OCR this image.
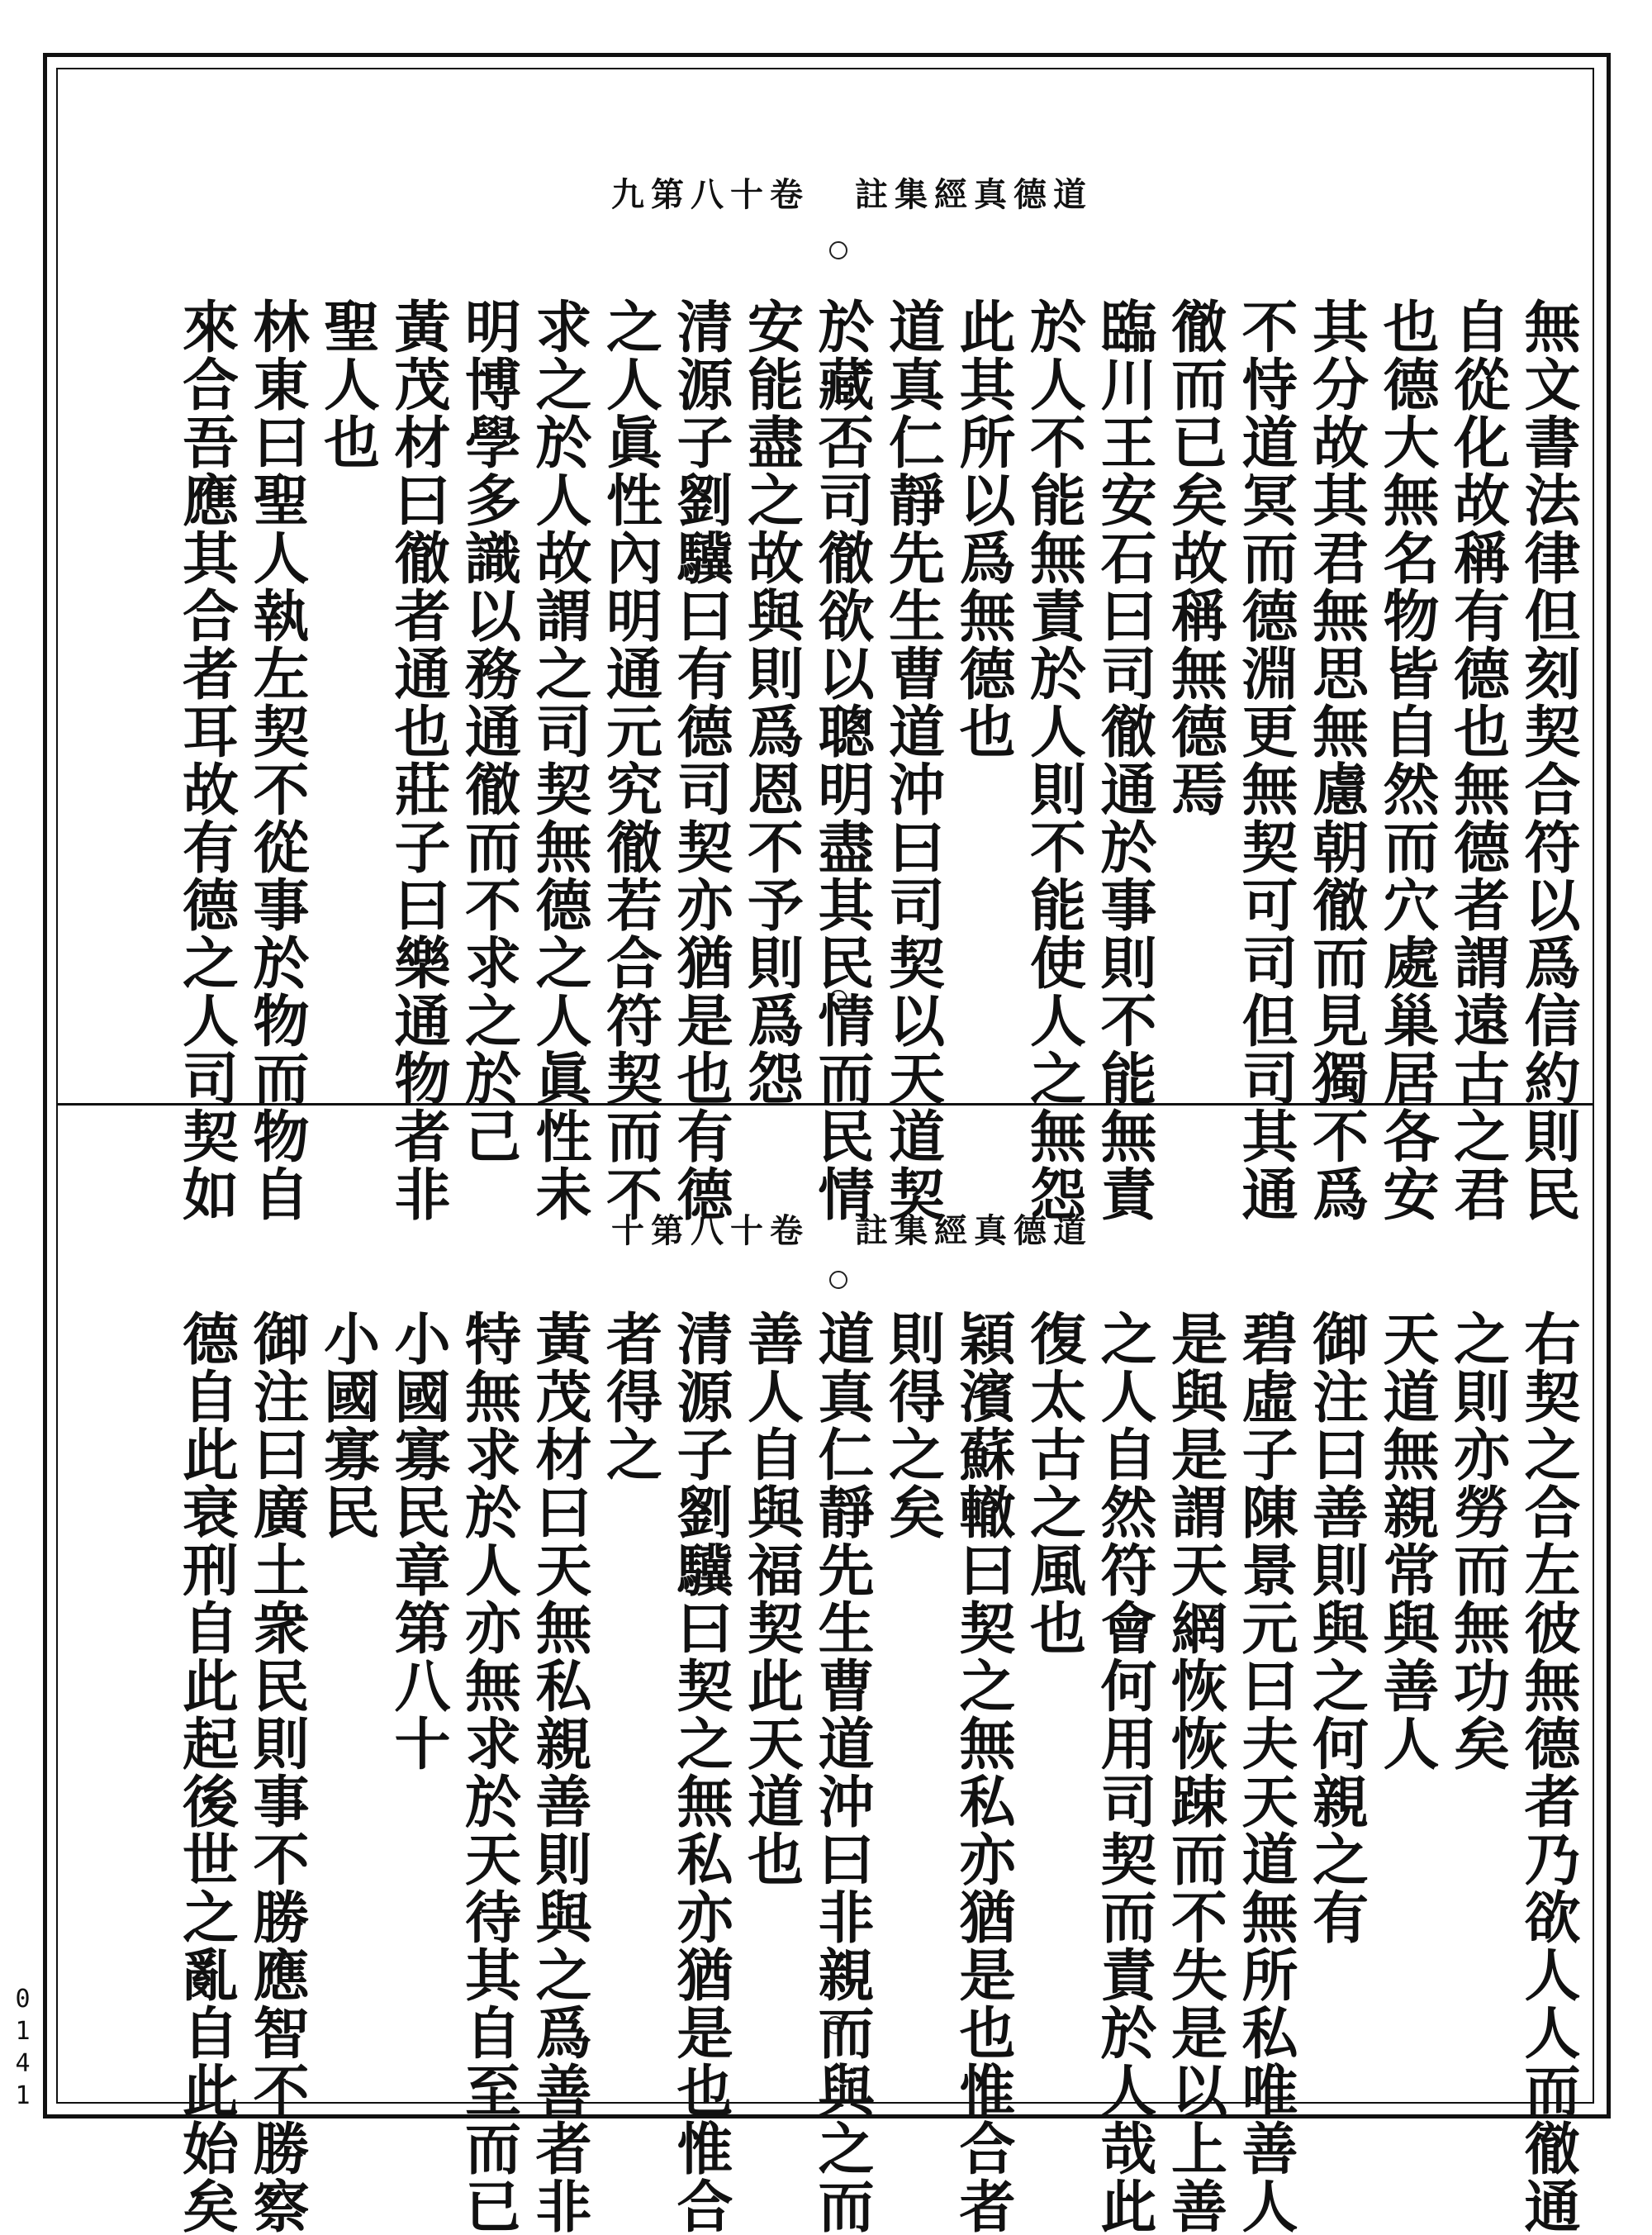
九第八十卷 註集經真德道
無文書法律但刻契合符以爲信約則民
自從化故稱有德也無德者謂遠古之君
也德大無名物皆自然而穴處巢居各安
其分故其君無思無慮朝徹而見獨不爲
不恃道冥而德淵更無契可司但司其通
徹而已矣故稱無德焉
臨川王安石曰司徹通於事則不能無責
於人不能無責於人則不能使人之無怨
此其所以爲無德也
道真仁靜先生曹道沖曰司契以天道契
於藏否司徹欲以聰明盡其民情而民情
安能盡之故與則爲恩不予則爲怨
清源子劉驥曰有德司契亦猶是也有德
之人眞性內明通元究徹若合符契而不
求之於人故謂之司契無德之人眞性未
明博學多識以務通徹而不求之於己
黃茂材曰徹者通也莊子曰樂通物者非
聖人也
林東曰聖人執左契不從事於物而物自
來合吾應其合者耳故有德之人司契如
十第八十卷 註集經真德道
右契之合左彼無德者乃欲人人而徹通
之則亦勞而無功矣
天道無親常與善人
御注曰善則與之何親之有
碧虛子陳景元曰夫天道無所私唯善人
是與是謂天網恢恢踈而不失是以上善
之人自然符會何用司契而責於人哉此
復太古之風也
穎濱蘇轍曰契之無私亦猶是也惟合者
則得之矣
道真仁靜先生曹道沖曰非親而與之而
善人自與福契此天道也
清源子劉驥曰契之無私亦猶是也惟合
者得之
黃茂材曰天無私親善則與之爲善者非
特無求於人亦無求於天待其自至而已
小國寡民章第八十
小國寡民
御注曰廣土衆民則事不勝應智不勝察
德自此衰刑自此起後世之亂自此始矣
0141
